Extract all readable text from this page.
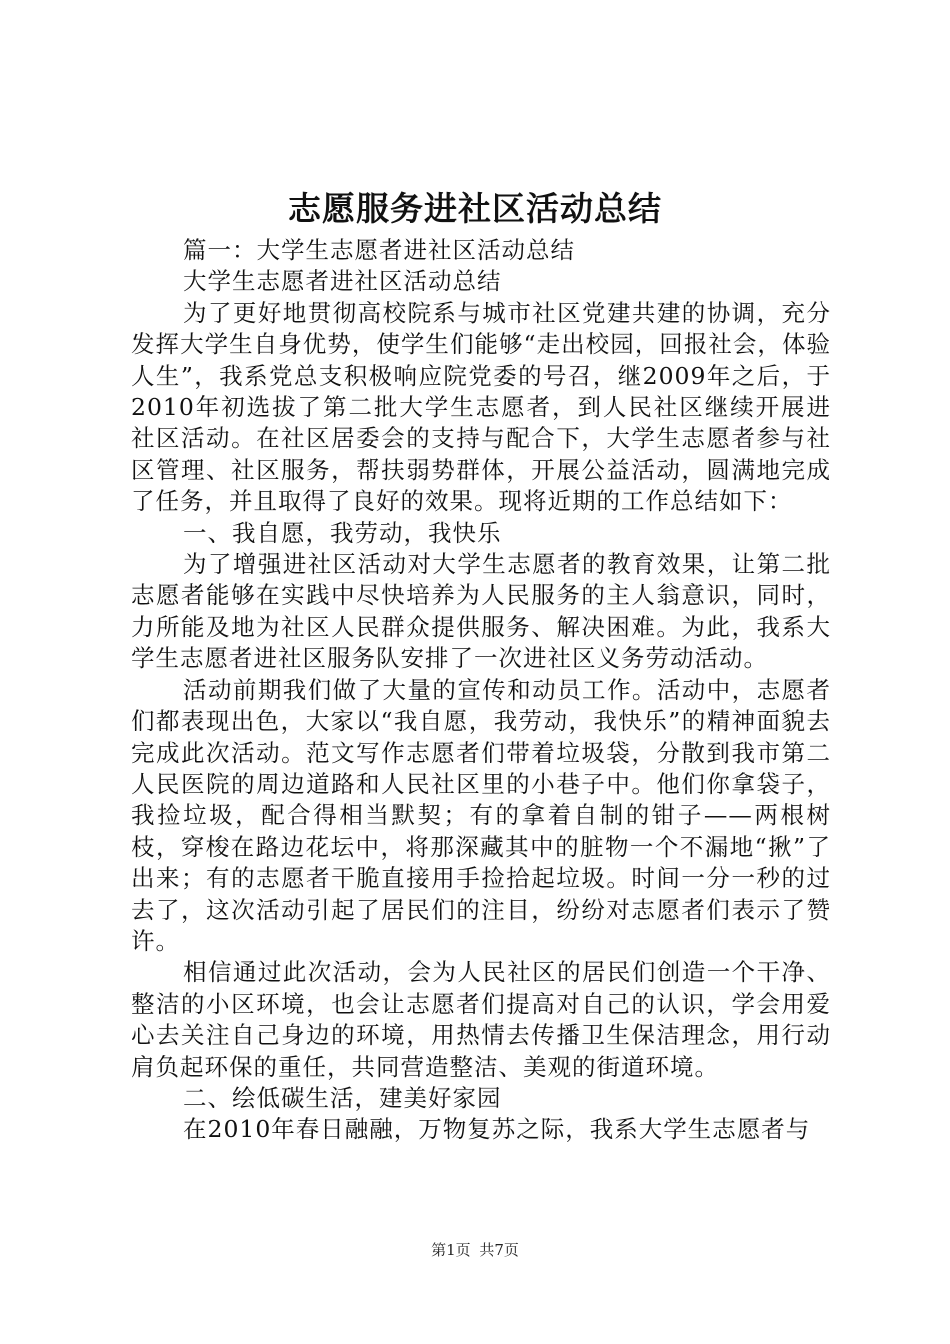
志愿服务进社区活动总结

篇一：大学生志愿者进社区活动总结

大学生志愿者进社区活动总结

为了更好地贯彻高校院系与城市社区党建共建的协调，充分发挥大学生自身优势，使学生们能够“走出校园，回报社会，体验人生”，我系党总支积极响应院党委的号召，继2009年之后，于2010年初选拔了第二批大学生志愿者，到人民社区继续开展进社区活动。在社区居委会的支持与配合下，大学生志愿者参与社区管理、社区服务，帮扶弱势群体，开展公益活动，圆满地完成了任务，并且取得了良好的效果。现将近期的工作总结如下：

一、我自愿，我劳动，我快乐

为了增强进社区活动对大学生志愿者的教育效果，让第二批志愿者能够在实践中尽快培养为人民服务的主人翁意识，同时，力所能及地为社区人民群众提供服务、解决困难。为此，我系大学生志愿者进社区服务队安排了一次进社区义务劳动活动。

活动前期我们做了大量的宣传和动员工作。活动中，志愿者们都表现出色，大家以“我自愿，我劳动，我快乐”的精神面貌去完成此次活动。范文写作志愿者们带着垃圾袋，分散到我市第二人民医院的周边道路和人民社区里的小巷子中。他们你拿袋子，我捡垃圾，配合得相当默契；有的拿着自制的钳子——两根树枝，穿梭在路边花坛中，将那深藏其中的脏物一个不漏地“揪”了出来；有的志愿者干脆直接用手捡拾起垃圾。时间一分一秒的过去了，这次活动引起了居民们的注目，纷纷对志愿者们表示了赞许。

相信通过此次活动，会为人民社区的居民们创造一个干净、整洁的小区环境，也会让志愿者们提高对自己的认识，学会用爱心去关注自己身边的环境，用热情去传播卫生保洁理念，用行动肩负起环保的重任，共同营造整洁、美观的街道环境。

二、绘低碳生活，建美好家园

在2010年春日融融，万物复苏之际，我系大学生志愿者与

第1页 共7页
